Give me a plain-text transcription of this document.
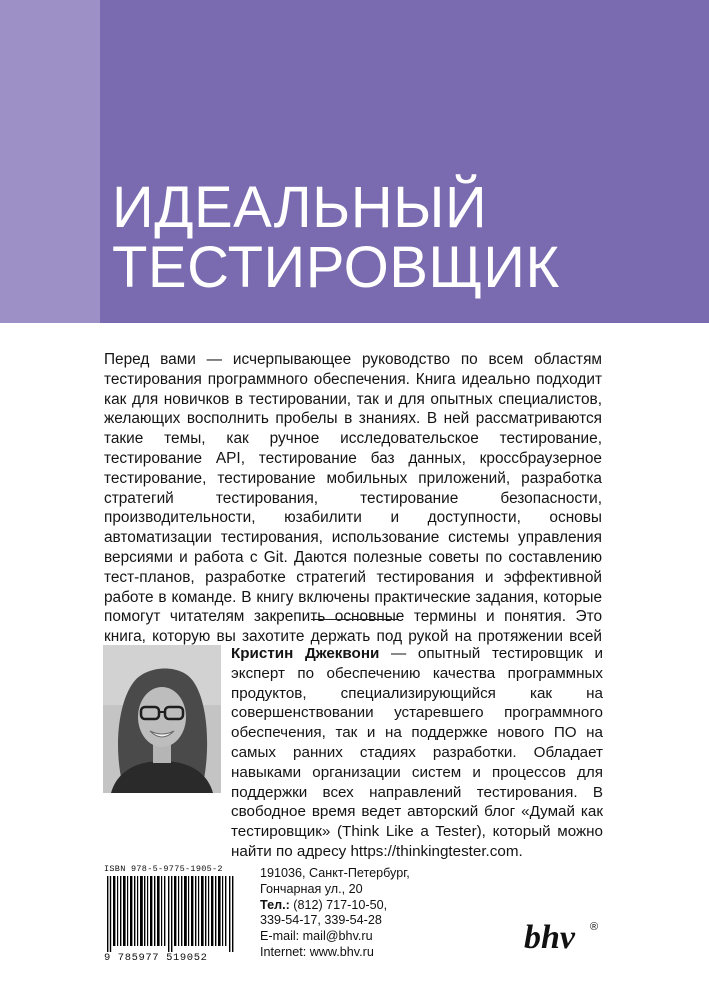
ИДЕАЛЬНЫЙ
ТЕСТИРОВЩИК

Перед вами — исчерпывающее руководство по всем областям тестирования программного обеспечения. Книга идеально подходит как для новичков в тестировании, так и для опытных специалистов, желающих восполнить пробелы в знаниях. В ней рассматриваются такие темы, как ручное исследовательское тестирование, тестирование API, тестирование баз данных, кроссбраузерное тестирование, тестирование мобильных приложений, разработка стратегий тестирования, тестирование безопасности, производительности, юзабилити и доступности, основы автоматизации тестирования, использование системы управления версиями и работа с Git. Даются полезные советы по составлению тест-планов, разработке стратегий тестирования и эффективной работе в команде. В книгу включены практические задания, которые помогут читателям закрепить основные термины и понятия. Это книга, которую вы захотите держать под рукой на протяжении всей

Кристин Джеквони — опытный тестировщик и эксперт по обеспечению качества программных продуктов, специализирующийся как на совершенствовании устаревшего программного обеспечения, так и на поддержке нового ПО на самых ранних стадиях разработки. Обладает навыками организации систем и процессов для поддержки всех направлений тестирования. В свободное время ведет авторский блог «Думай как тестировщик» (Think Like a Tester), который можно найти по адресу https://thinkingtester.com.

ISBN 978-5-9775-1905-2
9 785977 519052
191036, Санкт-Петербург,
Гончарная ул., 20
Тел.: (812) 717-10-50,
339-54-17, 339-54-28
E-mail: mail@bhv.ru
Internet: www.bhv.ru	bhv ®
